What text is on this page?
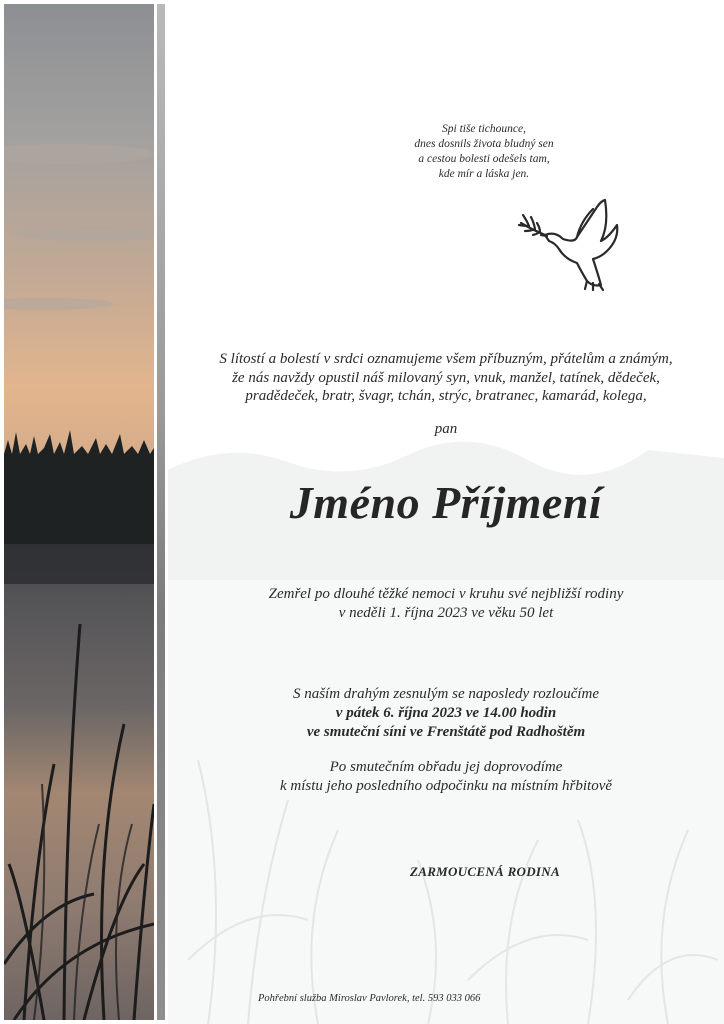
Spi tiše tichounce,
dnes dosnils života bludný sen
a cestou bolesti odešels tam,
kde mír a láska jen.
S lítostí a bolestí v srdci oznamujeme všem příbuzným, přátelům a známým,
že nás navždy opustil náš milovaný syn, vnuk, manžel, tatínek, dědeček,
pradědeček, bratr, švagr, tchán, strýc, bratranec, kamarád, kolega,
pan
Jméno Příjmení
Zemřel po dlouhé těžké nemoci v kruhu své nejbližší rodiny
v neděli 1. října 2023 ve věku 50 let
S naším drahým zesnulým se naposledy rozloučíme
v pátek 6. října 2023 ve 14.00 hodin
ve smuteční síni ve Frenštátě pod Radhoštěm
Po smutečním obřadu jej doprovodíme
k místu jeho posledního odpočinku na místním hřbitově
ZARMOUCENÁ RODINA
Pohřební služba Miroslav Pavlorek, tel. 593 033 066
